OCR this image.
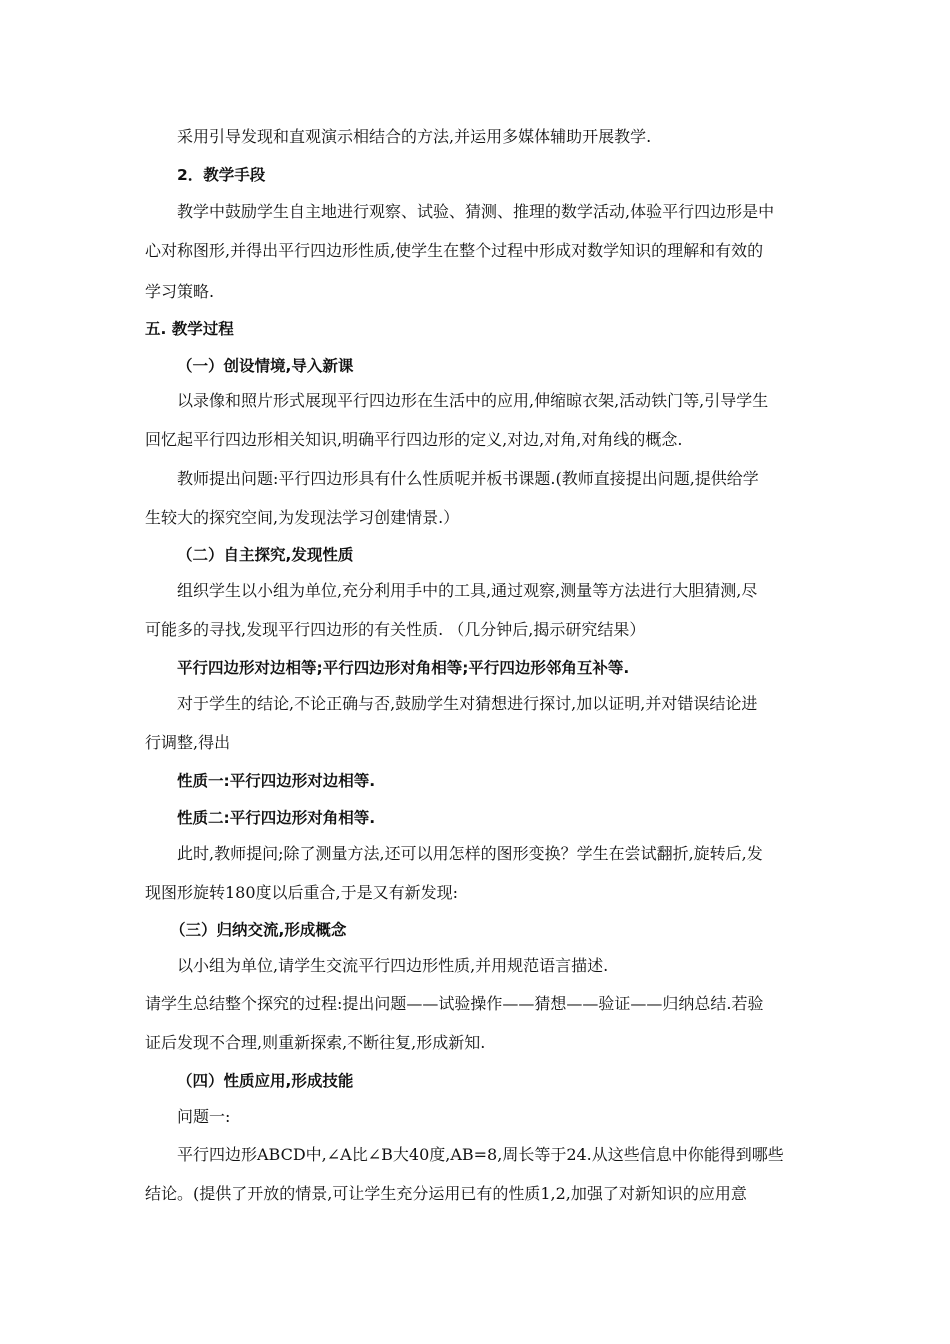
采用引导发现和直观演示相结合的方法,并运用多媒体辅助开展教学.
2．教学手段
教学中鼓励学生自主地进行观察、试验、猜测、推理的数学活动,体验平行四边形是中
心对称图形,并得出平行四边形性质,使学生在整个过程中形成对数学知识的理解和有效的
学习策略.
五. 教学过程
（一）创设情境,导入新课
以录像和照片形式展现平行四边形在生活中的应用,伸缩晾衣架,活动铁门等,引导学生
回忆起平行四边形相关知识,明确平行四边形的定义,对边,对角,对角线的概念.
教师提出问题:平行四边形具有什么性质呢并板书课题.(教师直接提出问题,提供给学
生较大的探究空间,为发现法学习创建情景.）
（二）自主探究,发现性质
组织学生以小组为单位,充分利用手中的工具,通过观察,测量等方法进行大胆猜测,尽
可能多的寻找,发现平行四边形的有关性质. （几分钟后,揭示研究结果）
平行四边形对边相等;平行四边形对角相等;平行四边形邻角互补等.
对于学生的结论,不论正确与否,鼓励学生对猜想进行探讨,加以证明,并对错误结论进
行调整,得出
性质一:平行四边形对边相等.
性质二:平行四边形对角相等.
此时,教师提问;除了测量方法,还可以用怎样的图形变换？学生在尝试翻折,旋转后,发
现图形旋转180度以后重合,于是又有新发现:
（三）归纳交流,形成概念
以小组为单位,请学生交流平行四边形性质,并用规范语言描述.
请学生总结整个探究的过程:提出问题——试验操作——猜想——验证——归纳总结.若验
证后发现不合理,则重新探索,不断往复,形成新知.
（四）性质应用,形成技能
问题一:
平行四边形ABCD中,∠A比∠B大40度,AB=8,周长等于24.从这些信息中你能得到哪些
结论。(提供了开放的情景,可让学生充分运用已有的性质1,2,加强了对新知识的应用意
